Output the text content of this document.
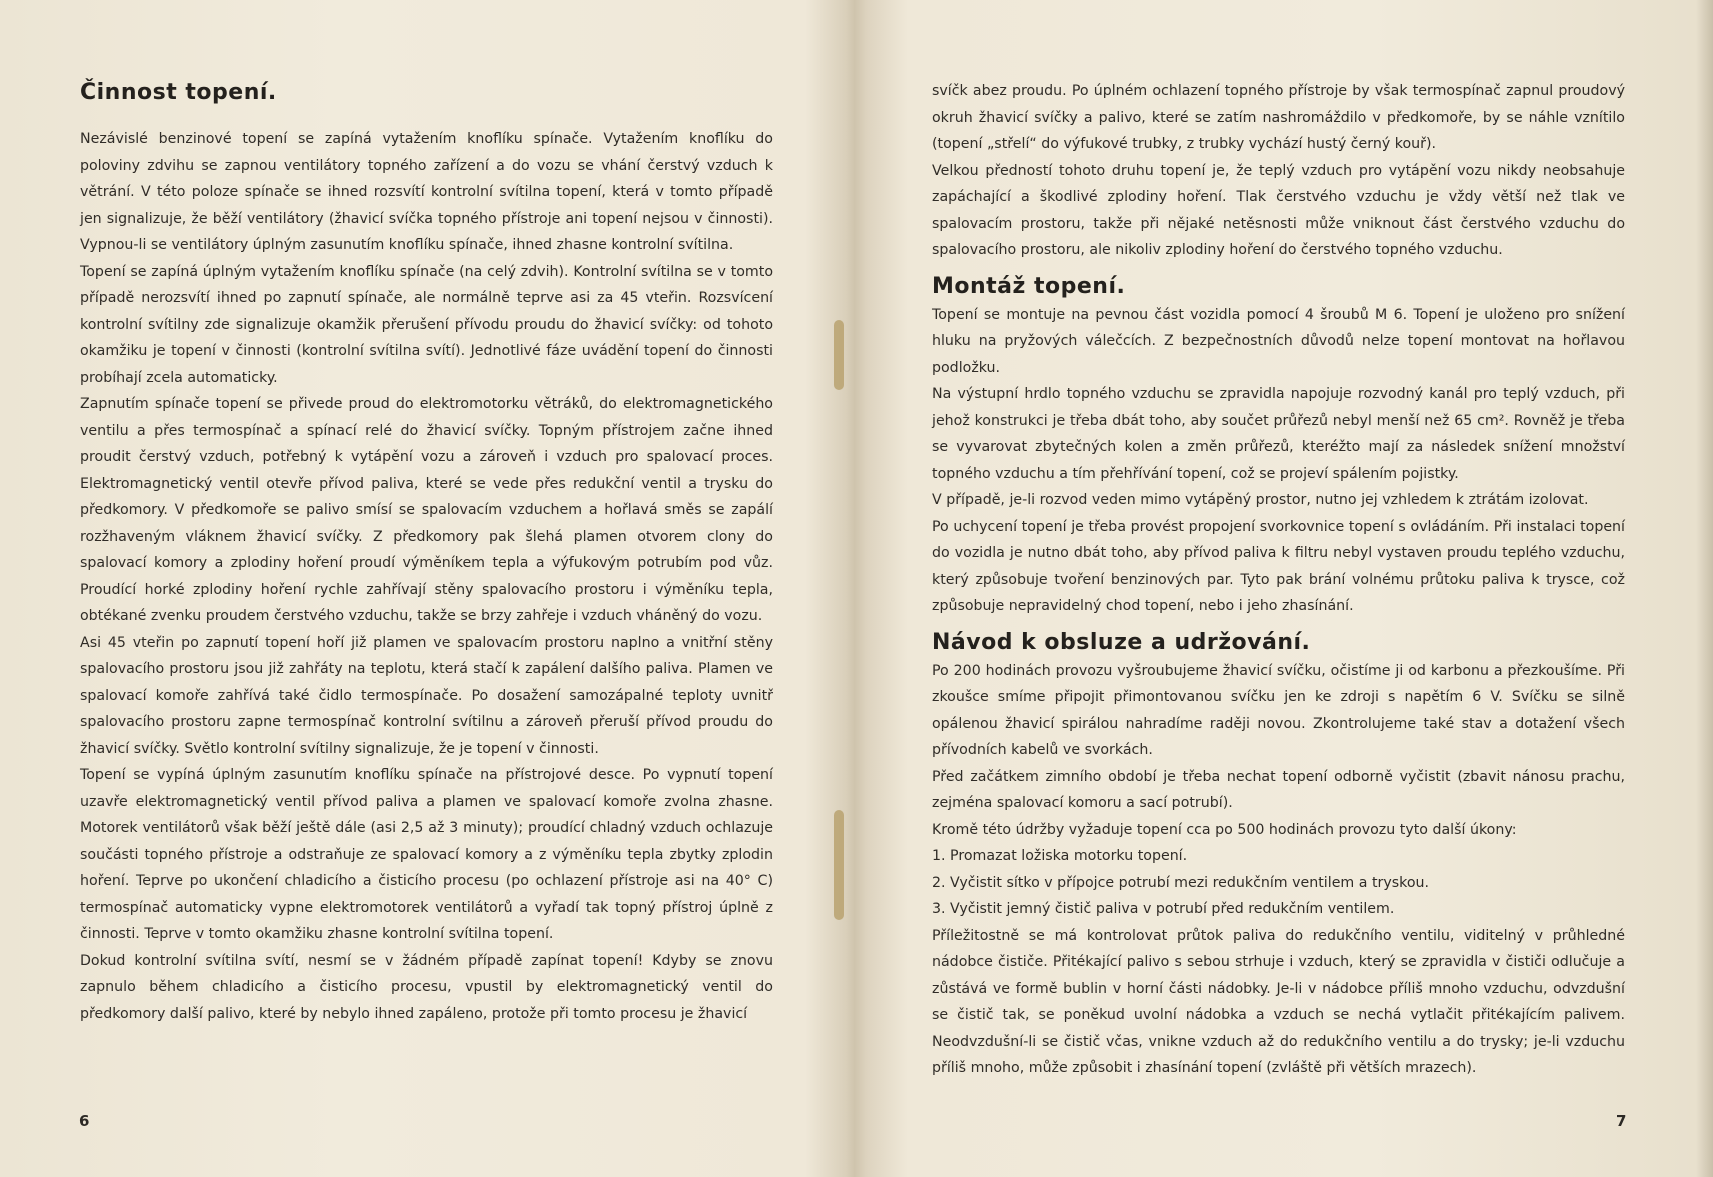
Činnost topení.

Nezávislé benzinové topení se zapíná vytažením knoflíku spínače. Vytažením knoflíku do poloviny zdvihu se zapnou ventilátory topného zařízení a do vozu se vhání čerstvý vzduch k větrání. V této poloze spínače se ihned rozsvítí kontrolní svítilna topení, která v tomto případě jen signalizuje, že běží ventilátory (žhavicí svíčka topného přístroje ani topení nejsou v činnosti). Vypnou-li se ventilátory úplným zasunutím knoflíku spínače, ihned zhasne kontrolní svítilna.

Topení se zapíná úplným vytažením knoflíku spínače (na celý zdvih). Kontrolní svítilna se v tomto případě nerozsvítí ihned po zapnutí spínače, ale normálně teprve asi za 45 vteřin. Rozsvícení kontrolní svítilny zde signalizuje okamžik přerušení přívodu proudu do žhavicí svíčky: od tohoto okamžiku je topení v činnosti (kontrolní svítilna svítí). Jednotlivé fáze uvádění topení do činnosti probíhají zcela automaticky.

Zapnutím spínače topení se přivede proud do elektromotorku větráků, do elektromagnetického ventilu a přes termospínač a spínací relé do žhavicí svíčky. Topným přístrojem začne ihned proudit čerstvý vzduch, potřebný k vytápění vozu a zároveň i vzduch pro spalovací proces. Elektromagnetický ventil otevře přívod paliva, které se vede přes redukční ventil a trysku do předkomory. V předkomoře se palivo smísí se spalovacím vzduchem a hořlavá směs se zapálí rozžhaveným vláknem žhavicí svíčky. Z předkomory pak šlehá plamen otvorem clony do spalovací komory a zplodiny hoření proudí výměníkem tepla a výfukovým potrubím pod vůz. Proudící horké zplodiny hoření rychle zahřívají stěny spalovacího prostoru i výměníku tepla, obtékané zvenku proudem čerstvého vzduchu, takže se brzy zahřeje i vzduch vháněný do vozu.

Asi 45 vteřin po zapnutí topení hoří již plamen ve spalovacím prostoru naplno a vnitřní stěny spalovacího prostoru jsou již zahřáty na teplotu, která stačí k zapálení dalšího paliva. Plamen ve spalovací komoře zahřívá také čidlo termospínače. Po dosažení samozápalné teploty uvnitř spalovacího prostoru zapne termospínač kontrolní svítilnu a zároveň přeruší přívod proudu do žhavicí svíčky. Světlo kontrolní svítilny signalizuje, že je topení v činnosti.

Topení se vypíná úplným zasunutím knoflíku spínače na přístrojové desce. Po vypnutí topení uzavře elektromagnetický ventil přívod paliva a plamen ve spalovací komoře zvolna zhasne. Motorek ventilátorů však běží ještě dále (asi 2,5 až 3 minuty); proudící chladný vzduch ochlazuje součásti topného přístroje a odstraňuje ze spalovací komory a z výměníku tepla zbytky zplodin hoření. Teprve po ukončení chladicího a čisticího procesu (po ochlazení přístroje asi na 40° C) termospínač automaticky vypne elektromotorek ventilátorů a vyřadí tak topný přístroj úplně z činnosti. Teprve v tomto okamžiku zhasne kontrolní svítilna topení.

Dokud kontrolní svítilna svítí, nesmí se v žádném případě zapínat topení! Kdyby se znovu zapnulo během chladicího a čisticího procesu, vpustil by elektromagnetický ventil do předkomory další palivo, které by nebylo ihned zapáleno, protože při tomto procesu je žhavicí

6

svíčk abez proudu. Po úplném ochlazení topného přístroje by však termospínač zapnul proudový okruh žhavicí svíčky a palivo, které se zatím nashromáždilo v předkomoře, by se náhle vznítilo (topení „střelí“ do výfukové trubky, z trubky vychází hustý černý kouř).

Velkou předností tohoto druhu topení je, že teplý vzduch pro vytápění vozu nikdy neobsahuje zapáchající a škodlivé zplodiny hoření. Tlak čerstvého vzduchu je vždy větší než tlak ve spalovacím prostoru, takže při nějaké netěsnosti může vniknout část čerstvého vzduchu do spalovacího prostoru, ale nikoliv zplodiny hoření do čerstvého topného vzduchu.

Montáž topení.

Topení se montuje na pevnou část vozidla pomocí 4 šroubů M 6. Topení je uloženo pro snížení hluku na pryžových válečcích. Z bezpečnostních důvodů nelze topení montovat na hořlavou podložku.

Na výstupní hrdlo topného vzduchu se zpravidla napojuje rozvodný kanál pro teplý vzduch, při jehož konstrukci je třeba dbát toho, aby součet průřezů nebyl menší než 65 cm². Rovněž je třeba se vyvarovat zbytečných kolen a změn průřezů, kteréžto mají za následek snížení množství topného vzduchu a tím přehřívání topení, což se projeví spálením pojistky.

V případě, je-li rozvod veden mimo vytápěný prostor, nutno jej vzhledem k ztrátám izolovat.

Po uchycení topení je třeba provést propojení svorkovnice topení s ovládáním. Při instalaci topení do vozidla je nutno dbát toho, aby přívod paliva k filtru nebyl vystaven proudu teplého vzduchu, který způsobuje tvoření benzinových par. Tyto pak brání volnému průtoku paliva k trysce, což způsobuje nepravidelný chod topení, nebo i jeho zhasínání.

Návod k obsluze a udržování.

Po 200 hodinách provozu vyšroubujeme žhavicí svíčku, očistíme ji od karbonu a přezkoušíme. Při zkoušce smíme připojit přimontovanou svíčku jen ke zdroji s napětím 6 V. Svíčku se silně opálenou žhavicí spirálou nahradíme raději novou. Zkontrolujeme také stav a dotažení všech přívodních kabelů ve svorkách.

Před začátkem zimního období je třeba nechat topení odborně vyčistit (zbavit nánosu prachu, zejména spalovací komoru a sací potrubí).

Kromě této údržby vyžaduje topení cca po 500 hodinách provozu tyto další úkony:

1. Promazat ložiska motorku topení.

2. Vyčistit sítko v přípojce potrubí mezi redukčním ventilem a tryskou.

3. Vyčistit jemný čistič paliva v potrubí před redukčním ventilem.

Příležitostně se má kontrolovat průtok paliva do redukčního ventilu, viditelný v průhledné nádobce čističe. Přitékající palivo s sebou strhuje i vzduch, který se zpravidla v čističi odlučuje a zůstává ve formě bublin v horní části nádobky. Je-li v nádobce příliš mnoho vzduchu, odvzdušní se čistič tak, se poněkud uvolní nádobka a vzduch se nechá vytlačit přitékajícím palivem. Neodvzdušní-li se čistič včas, vnikne vzduch až do redukčního ventilu a do trysky; je-li vzduchu příliš mnoho, může způsobit i zhasínání topení (zvláště při větších mrazech).

7
